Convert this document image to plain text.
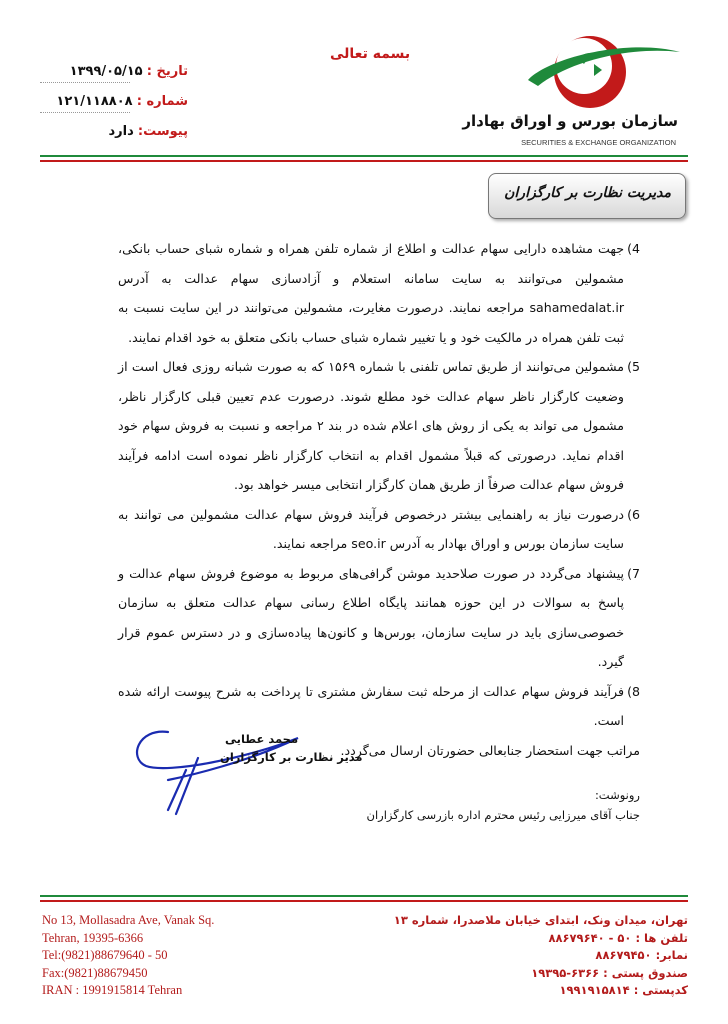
سازمان بورس و اوراق بهادار
SECURITIES & EXCHANGE ORGANIZATION
بسمه تعالی
تاریخ : ۱۳۹۹/۰۵/۱۵
شماره : ۱۲۱/۱۱۸۸۰۸
پیوست: دارد
مدیریت نظارت بر کارگزاران
4)
جهت مشاهده دارایی سهام عدالت و اطلاع از شماره تلفن همراه و شماره شبای حساب بانکی، مشمولین می‌توانند به سایت سامانه استعلام و آزادسازی سهام عدالت به آدرس sahamedalat.ir مراجعه نمایند. درصورت مغایرت، مشمولین می‌توانند در این سایت نسبت به ثبت تلفن همراه در مالکیت خود و یا تغییر شماره شبای حساب بانکی متعلق به خود اقدام نمایند.
5)
مشمولین می‌توانند از طریق تماس تلفنی با شماره ۱۵۶۹ که به صورت شبانه روزی فعال است از وضعیت کارگزار ناظر سهام عدالت خود مطلع شوند. درصورت عدم تعیین قبلی کارگزار ناظر، مشمول می تواند به یکی از روش های اعلام شده در بند ۲ مراجعه و نسبت به فروش سهام خود اقدام نماید. درصورتی که قبلاً مشمول اقدام به انتخاب کارگزار ناظر نموده است ادامه فرآیند فروش سهام عدالت صرفاً از طریق همان کارگزار انتخابی میسر خواهد بود.
6)
درصورت نیاز به راهنمایی بیشتر درخصوص فرآیند فروش سهام عدالت مشمولین می توانند به سایت سازمان بورس و اوراق بهادار به آدرس seo.ir مراجعه نمایند.
7)
پیشنهاد می‌گردد در صورت صلاحدید موشن گرافی‌های مربوط به موضوع فروش سهام عدالت و پاسخ به سوالات در این حوزه همانند پایگاه اطلاع رسانی سهام عدالت متعلق به سازمان خصوصی‌سازی باید در سایت سازمان، بورس‌ها و کانون‌ها پیاده‌سازی و در دسترس عموم قرار گیرد.
8)
فرآیند فروش سهام عدالت از مرحله ثبت سفارش مشتری تا پرداخت به شرح پیوست ارائه شده است.

مراتب جهت استحضار جنابعالی حضورتان ارسال می‌گردد.

محمد عطایی
مدیر نظارت بر کارگزاران
رونوشت:
جناب آقای میرزایی رئیس محترم اداره بازرسی کارگزاران
No 13, Mollasadra Ave, Vanak Sq.
Tehran, 19395-6366
Tel:(9821)88679640 - 50
Fax:(9821)88679450
IRAN : 1991915814 Tehran
تهران، میدان ونک، ابتدای خیابان ملاصدرا، شماره ۱۳
تلفن ها : ۵۰ - ۸۸۶۷۹۶۴۰
نمابر: ۸۸۶۷۹۴۵۰
صندوق پستی : ۶۳۶۶-۱۹۳۹۵
کدپستی : ۱۹۹۱۹۱۵۸۱۴
